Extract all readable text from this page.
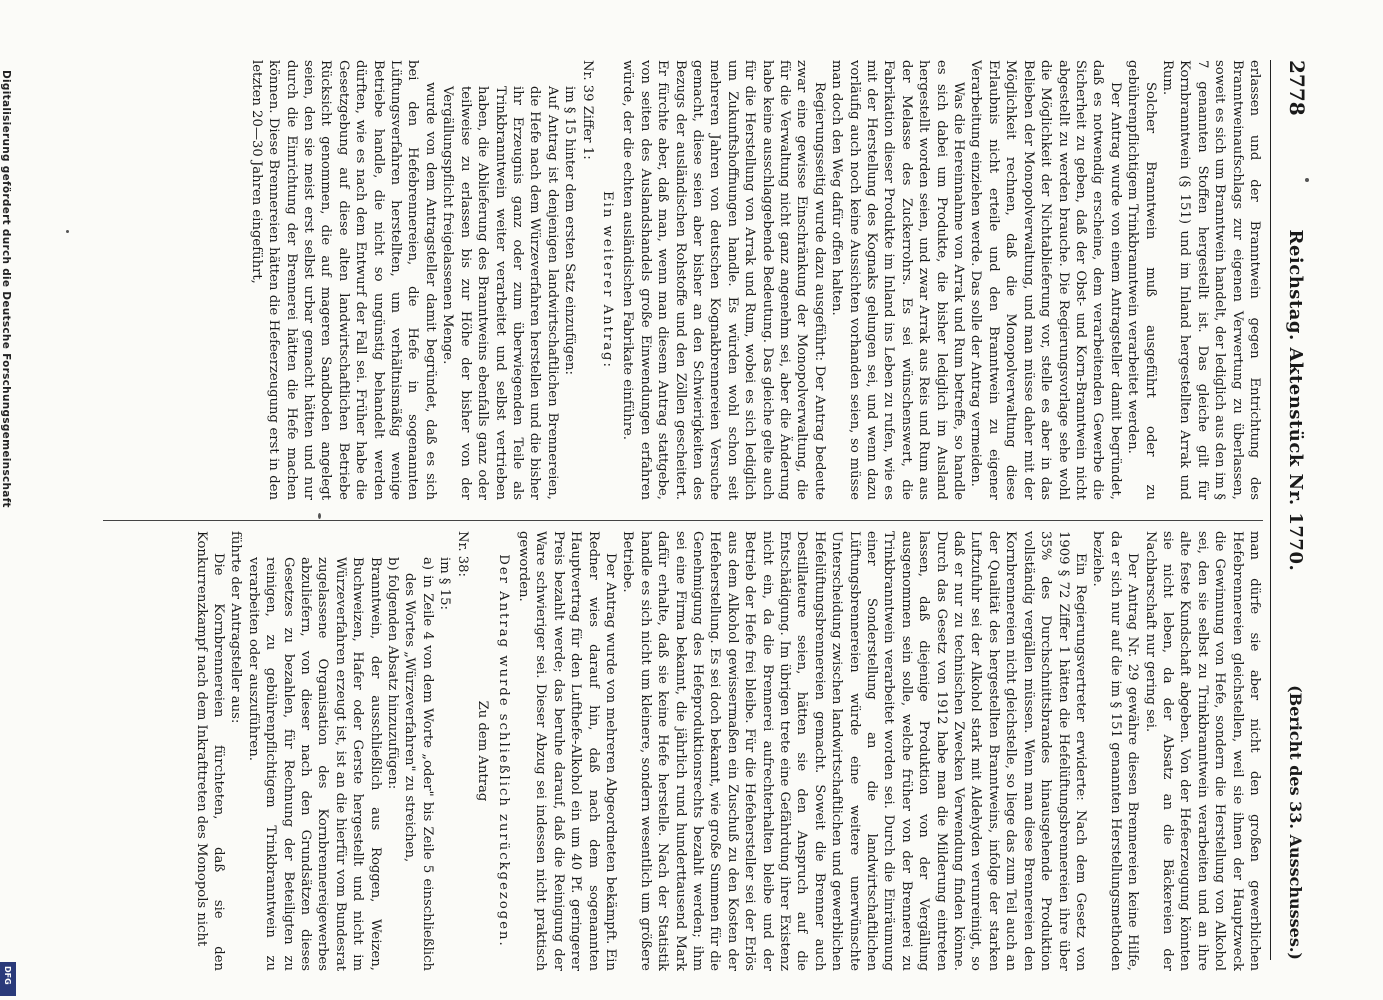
Digitalisierung gefördert durch die Deutsche Forschungsgemeinschaft
DFG
2778
Reichstag. Aktenstück Nr. 1770.
(Bericht des 33. Ausschusses.)

erlassen und der Branntwein gegen Entrichtung des Branntweinaufschlags zur eigenen Verwertung zu überlassen, soweit es sich um Branntwein handelt, der lediglich aus den im § 7 genannten Stoffen hergestellt ist. Das gleiche gilt für Kornbranntwein (§ 151) und im Inland hergestellten Arrak und Rum.

Solcher Branntwein muß ausgeführt oder zu gebührenpflichtigem Trinkbranntwein verarbeitet werden.

Der Antrag wurde von einem Antragsteller damit begründet, daß es notwendig erscheine, dem verarbeitenden Gewerbe die Sicherheit zu geben, daß der Obst- und Korn-Branntwein nicht abgestellt zu werden brauche. Die Regierungsvorlage sehe wohl die Möglichkeit der Nichtablieferung vor, stelle es aber in das Belieben der Monopolverwaltung, und man müsse daher mit der Möglichkeit rechnen, daß die Monopolverwaltung diese Erlaubnis nicht erteile und den Branntwein zu eigener Verarbeitung einziehen werde. Das solle der Antrag vermeiden.

Was die Hereinnahme von Arrak und Rum betreffe, so handle es sich dabei um Produkte, die bisher lediglich im Ausland hergestellt worden seien, und zwar Arrak aus Reis und Rum aus der Melasse des Zuckerrohrs. Es sei wünschenswert, die Fabrikation dieser Produkte im Inland ins Leben zu rufen, wie es mit der Herstellung des Kognaks gelungen sei, und wenn dazu vorläufig auch noch keine Aussichten vorhanden seien, so müsse man doch den Weg dafür offen halten.

Regierungsseitig wurde dazu ausgeführt: Der Antrag bedeute zwar eine gewisse Einschränkung der Monopolverwaltung, die für die Verwaltung nicht ganz angenehm sei, aber die Änderung habe keine ausschlaggebende Bedeutung. Das gleiche gelte auch für die Herstellung von Arrak und Rum, wobei es sich lediglich um Zukunftshoffnungen handle. Es würden wohl schon seit mehreren Jahren von deutschen Kognakbrennereien Versuche gemacht, diese seien aber bisher an den Schwierigkeiten des Bezugs der ausländischen Rohstoffe und den Zöllen gescheitert. Er fürchte aber, daß man, wenn man diesem Antrag stattgebe, von seiten des Auslandshandels große Einwendungen erfahren würde, der die echten ausländischen Fabrikate einführe.

Ein weiterer Antrag:

Nr. 39 Ziffer 1:

im § 15 hinter dem ersten Satz einzufügen:

Auf Antrag ist denjenigen landwirtschaftlichen Brennereien, die Hefe nach dem Würzeverfahren herstellen und die bisher ihr Erzeugnis ganz oder zum überwiegenden Teile als Trinkbranntwein weiter verarbeitet und selbst vertrieben haben, die Ablieferung des Branntweins ebenfalls ganz oder teilweise zu erlassen bis zur Höhe der bisher von der Vergällungspflicht freigelassenen Menge.

wurde von dem Antragsteller damit begründet, daß es sich bei den Hefebrennereien, die Hefe in sogenannten Lüftungsverfahren herstellten, um verhältnismäßig wenige Betriebe handle, die nicht so ungünstig behandelt werden dürften, wie es nach dem Entwurf der Fall sei. Früher habe die Gesetzgebung auf diese alten landwirtschaftlichen Betriebe Rücksicht genommen, die auf mageren Sandboden angelegt seien, den sie meist erst selbst urbar gemacht hätten und nur durch die Einrichtung der Brennerei hätten die Hefe machen können. Diese Brennereien hätten die Hefeerzeugung erst in den letzten 20—30 Jahren eingeführt,

man dürfe sie aber nicht den großen gewerblichen Hefebrennereien gleichstellen, weil sie ihnen der Hauptzweck die Gewinnung von Hefe, sondern die Herstellung von Alkohol sei, den sie selbst zu Trinkbranntwein verarbeiten und an ihre alte feste Kundschaft abgeben. Von der Hefeerzeugung könnten sie nicht leben, da der Absatz an die Bäckereien der Nachbarschaft nur gering sei.

Der Antrag Nr. 29 gewähre diesen Brennereien keine Hilfe, da er sich nur auf die im § 151 genannten Herstellungsmethoden beziehe.

Ein Regierungsvertreter erwiderte: Nach dem Gesetz von 1909 § 72 Ziffer 1 hätten die Hefelüftungsbrennereien ihre über 35% des Durchschnittsbrandes hinausgehende Produktion vollständig vergällen müssen. Wenn man diese Brennereien den Kornbrennereien nicht gleichstelle, so liege das zum Teil auch an der Qualität des hergestellten Branntweins, infolge der starken Luftzufuhr sei der Alkohol stark mit Aldehyden verunreinigt, so daß er nur zu technischen Zwecken Verwendung finden könne. Durch das Gesetz von 1912 habe man die Milderung eintreten lassen, daß diejenige Produktion von der Vergällung ausgenommen sein solle, welche früher von der Brennerei zu Trinkbranntwein verarbeitet worden sei. Durch die Einräumung einer Sonderstellung an die landwirtschaftlichen Lüftungsbrennereien würde eine weitere unerwünschte Unterscheidung zwischen landwirtschaftlichen und gewerblichen Hefelüftungsbrennereien gemacht. Soweit die Brenner auch Destillateure seien, hätten sie den Anspruch auf die Entschädigung. Im übrigen trete eine Gefährdung ihrer Existenz nicht ein, da die Brennerei aufrechterhalten bleibe und der Betrieb der Hefe frei bleibe. Für die Hefehersteller sei der Erlös aus dem Alkohol gewissermaßen ein Zuschuß zu den Kosten der Hefeherstellung. Es sei doch bekannt, wie große Summen für die Genehmigung des Hefeproduktionsrechts bezahlt werden; ihm sei eine Firma bekannt, die jährlich rund hunderttausend Mark dafür erhalte, daß sie keine Hefe herstelle. Nach der Statistik handle es sich nicht um kleinere, sondern wesentlich um größere Betriebe.

Der Antrag wurde von mehreren Abgeordneten bekämpft. Ein Redner wies darauf hin, daß nach dem sogenannten Hauptvertrag für den Lufthefe-Alkohol ein um 40 Pf. geringerer Preis bezahlt werde; das beruhe darauf, daß die Reinigung der Ware schwieriger sei. Dieser Abzug sei indessen nicht praktisch geworden.

Der Antrag wurde schließlich zurückgezogen.

Zu dem Antrag

Nr. 38:

im § 15:

a) in Zeile 4 von dem Worte „oder" bis Zeile 5 einschließlich des Wortes „Würzeverfahren" zu streichen,

b) folgenden Absatz hinzuzufügen:

Branntwein, der ausschließlich aus Roggen, Weizen, Buchweizen, Hafer oder Gerste hergestellt und nicht im Würzeverfahren erzeugt ist, ist an die hierfür vom Bundesrat zugelassene Organisation des Kornbrennereigewerbes abzuliefern, von dieser nach den Grundsätzen dieses Gesetzes zu bezahlen, für Rechnung der Beteiligten zu reinigen, zu gebührenpflichtigem Trinkbranntwein zu verarbeiten oder auszuführen.

führte der Antragsteller aus:

Die Kornbrennereien fürchteten, daß sie den Konkurrenzkampf nach dem Inkrafttreten des Monopols nicht
